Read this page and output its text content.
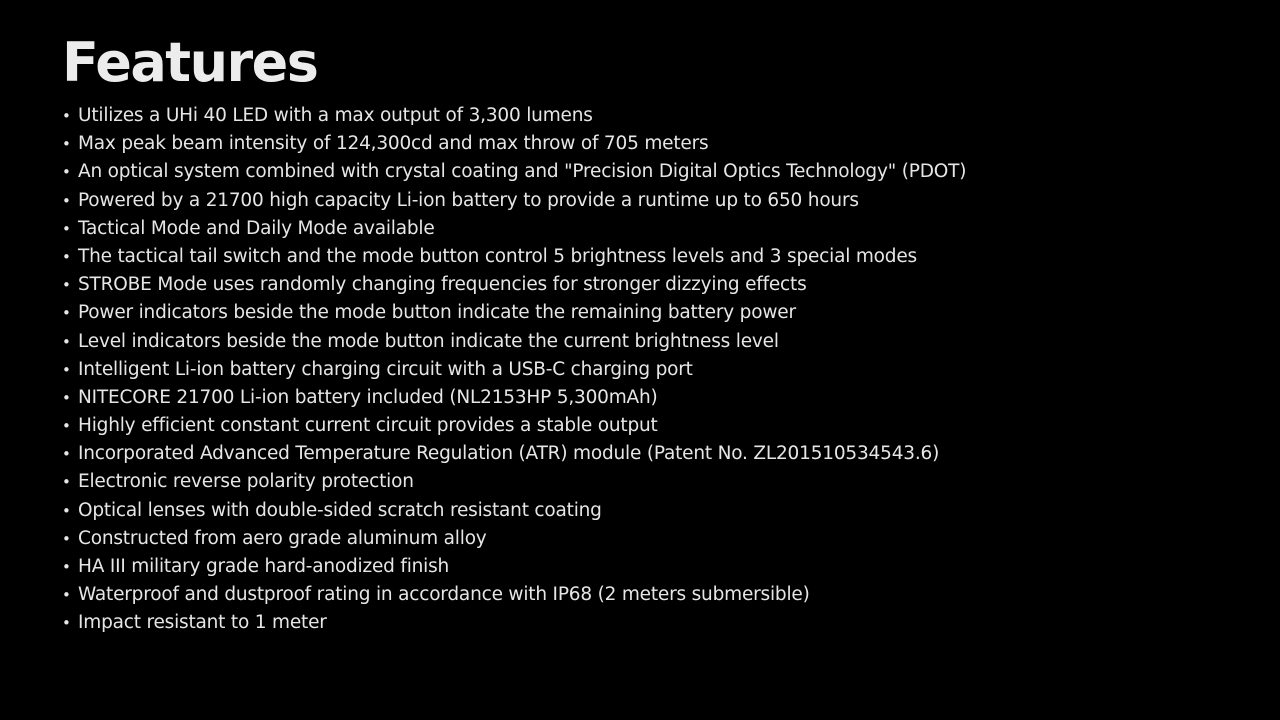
Features
• Utilizes a UHi 40 LED with a max output of 3,300 lumens
• Max peak beam intensity of 124,300cd and max throw of 705 meters
• An optical system combined with crystal coating and "Precision Digital Optics Technology" (PDOT)
• Powered by a 21700 high capacity Li-ion battery to provide a runtime up to 650 hours
• Tactical Mode and Daily Mode available
• The tactical tail switch and the mode button control 5 brightness levels and 3 special modes
• STROBE Mode uses randomly changing frequencies for stronger dizzying effects
• Power indicators beside the mode button indicate the remaining battery power
• Level indicators beside the mode button indicate the current brightness level
• Intelligent Li-ion battery charging circuit with a USB-C charging port
• NITECORE 21700 Li-ion battery included (NL2153HP 5,300mAh)
• Highly efficient constant current circuit provides a stable output
• Incorporated Advanced Temperature Regulation (ATR) module (Patent No. ZL201510534543.6)
• Electronic reverse polarity protection
• Optical lenses with double-sided scratch resistant coating
• Constructed from aero grade aluminum alloy
• HA III military grade hard-anodized finish
• Waterproof and dustproof rating in accordance with IP68 (2 meters submersible)
• Impact resistant to 1 meter
